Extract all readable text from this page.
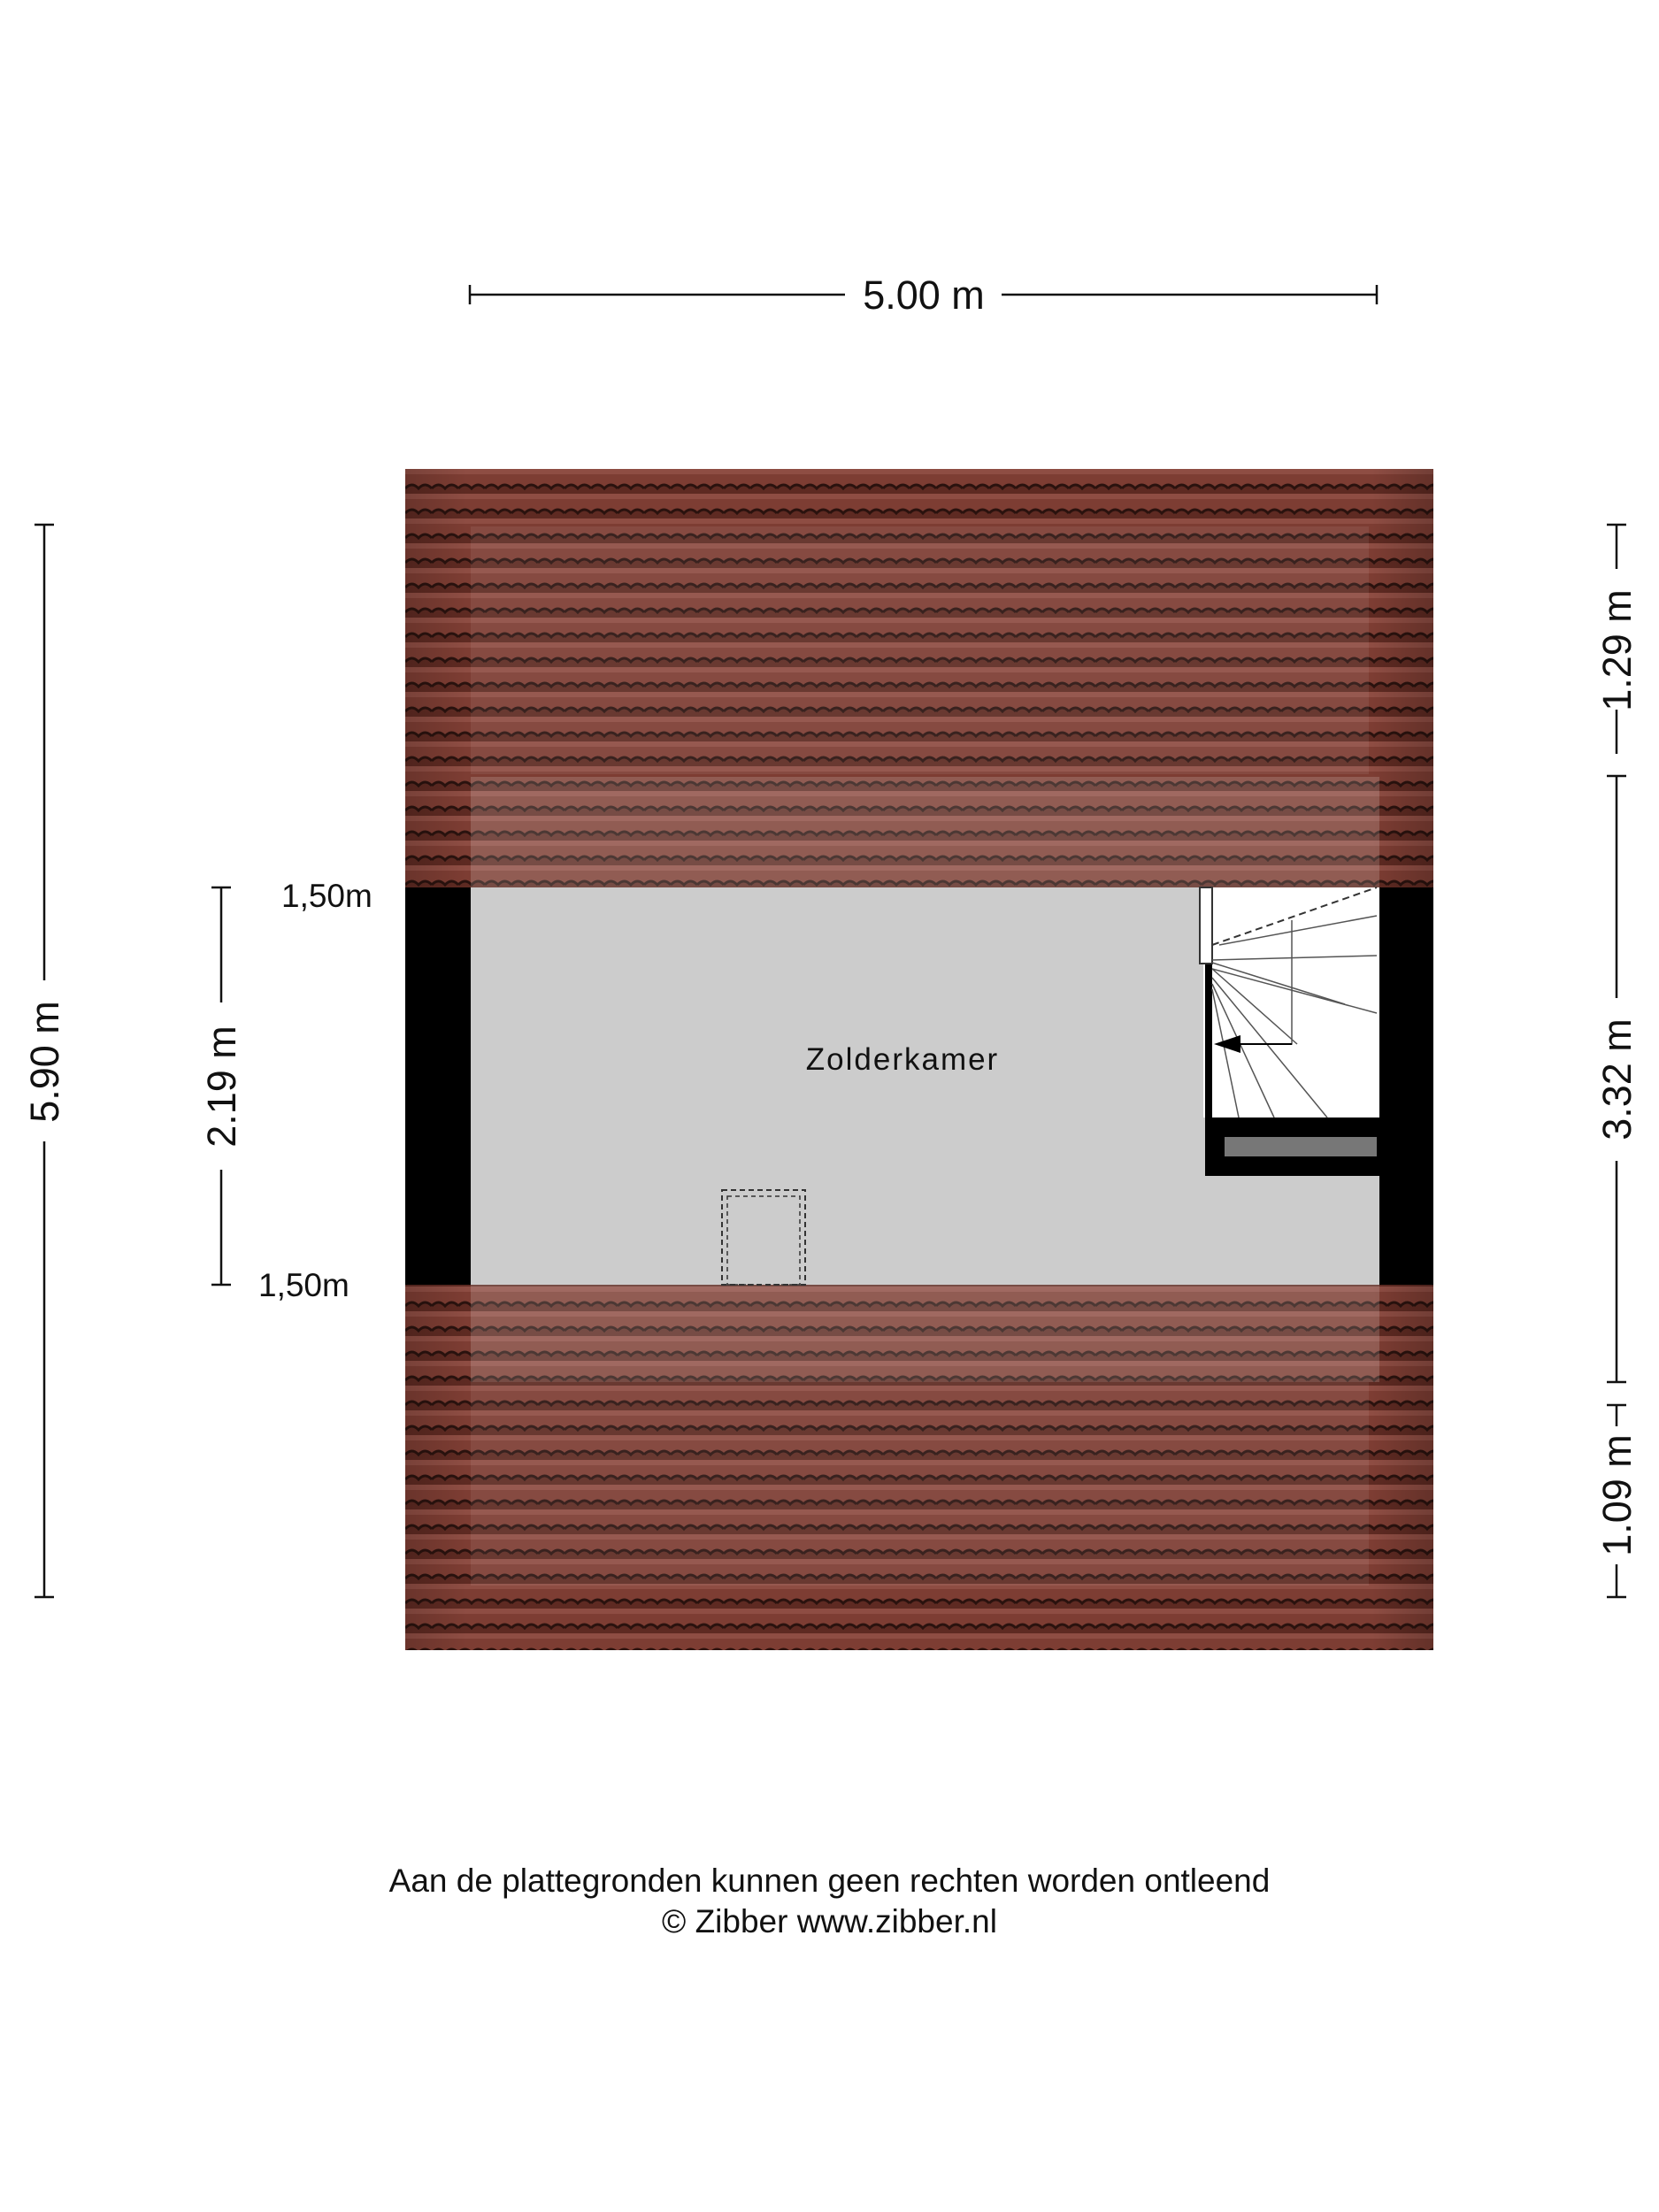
Zolderkamer
5.00 m
5.90 m	2.19 m
1,50m
1,50m
1.29 m
3.32 m
1.09 m
Aan de plattegronden kunnen geen rechten worden ontleend
© Zibber www.zibber.nl
